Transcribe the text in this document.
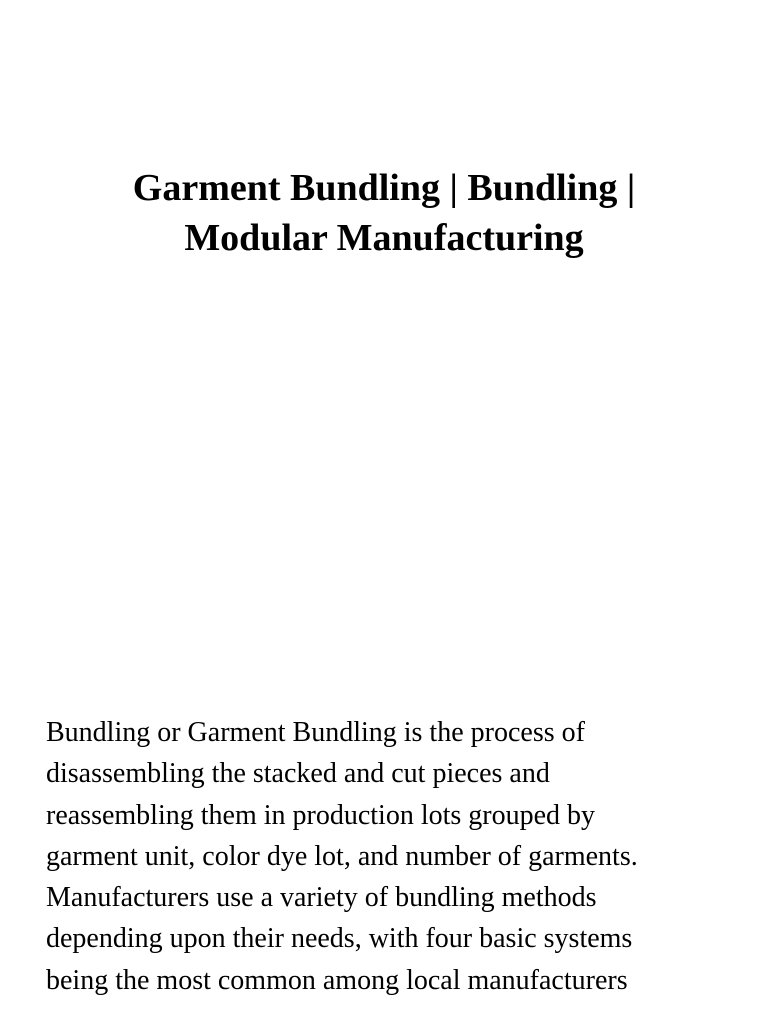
Garment Bundling | Bundling |
Modular Manufacturing

Bundling or Garment Bundling is the process of
disassembling the stacked and cut pieces and
reassembling them in production lots grouped by
garment unit, color dye lot, and number of garments.
Manufacturers use a variety of bundling methods
depending upon their needs, with four basic systems
being the most common among local manufacturers
